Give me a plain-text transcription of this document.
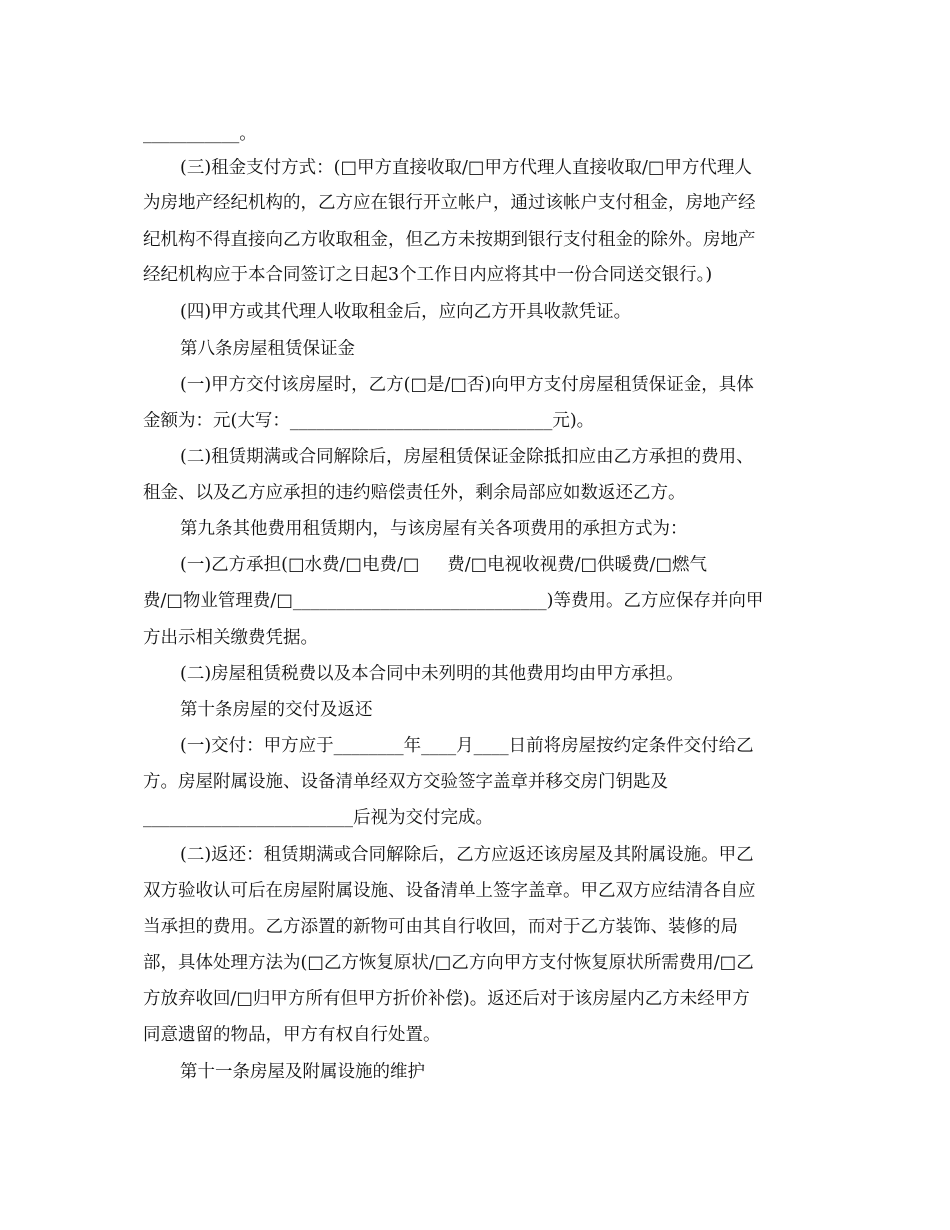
___________。
(三)租金支付方式：(□甲方直接收取/□甲方代理人直接收取/□甲方代理人
为房地产经纪机构的，乙方应在银行开立帐户，通过该帐户支付租金，房地产经
纪机构不得直接向乙方收取租金，但乙方未按期到银行支付租金的除外。房地产
经纪机构应于本合同签订之日起3个工作日内应将其中一份合同送交银行。)
(四)甲方或其代理人收取租金后，应向乙方开具收款凭证。
第八条房屋租赁保证金
(一)甲方交付该房屋时，乙方(□是/□否)向甲方支付房屋租赁保证金，具体
金额为：元(大写：______________________________元)。
(二)租赁期满或合同解除后，房屋租赁保证金除抵扣应由乙方承担的费用、
租金、以及乙方应承担的违约赔偿责任外，剩余局部应如数返还乙方。
第九条其他费用租赁期内，与该房屋有关各项费用的承担方式为：
(一)乙方承担(□水费/□电费/□     费/□电视收视费/□供暖费/□燃气
费/□物业管理费/□_____________________________)等费用。乙方应保存并向甲
方出示相关缴费凭据。
(二)房屋租赁税费以及本合同中未列明的其他费用均由甲方承担。
第十条房屋的交付及返还
(一)交付：甲方应于________年____月____日前将房屋按约定条件交付给乙
方。房屋附属设施、设备清单经双方交验签字盖章并移交房门钥匙及
________________________后视为交付完成。
(二)返还：租赁期满或合同解除后，乙方应返还该房屋及其附属设施。甲乙
双方验收认可后在房屋附属设施、设备清单上签字盖章。甲乙双方应结清各自应
当承担的费用。乙方添置的新物可由其自行收回，而对于乙方装饰、装修的局
部，具体处理方法为(□乙方恢复原状/□乙方向甲方支付恢复原状所需费用/□乙
方放弃收回/□归甲方所有但甲方折价补偿)。返还后对于该房屋内乙方未经甲方
同意遗留的物品，甲方有权自行处置。
第十一条房屋及附属设施的维护
